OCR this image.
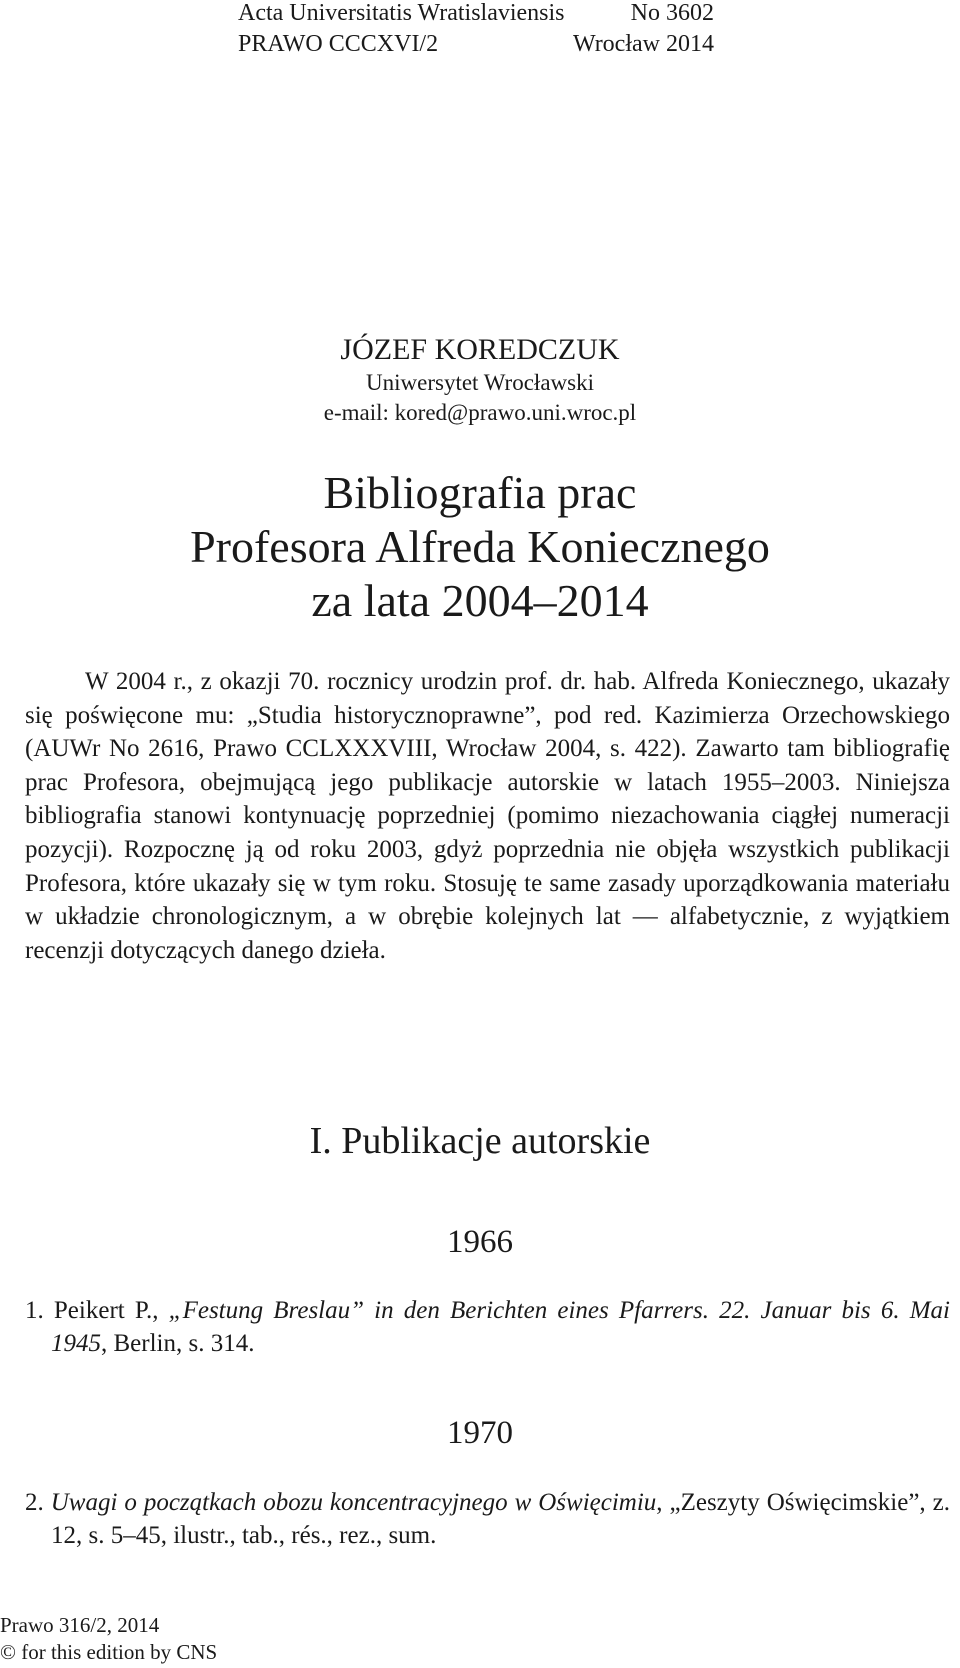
Acta Universitatis Wratislaviensis	No 3602
PRAWO CCCXVI/2	Wrocław 2014
JÓZEF KOREDCZUK
Uniwersytet Wrocławski
e-mail: kored@prawo.uni.wroc.pl
Bibliografia prac
Profesora Alfreda Koniecznego
za lata 2004–2014

W 2004 r., z okazji 70. rocznicy urodzin prof. dr. hab. Alfreda Koniecznego, ukazały się poświęcone mu: „Studia historycznoprawne”, pod red. Kazimierza Orzechowskiego (AUWr No 2616, Prawo CCLXXXVIII, Wrocław 2004, s. 422). Zawarto tam bibliografię prac Profesora, obejmującą jego publikacje autorskie w latach 1955–2003. Niniejsza bibliografia stanowi kontynuację poprzedniej (pomimo niezachowania ciągłej numeracji pozycji). Rozpocznę ją od roku 2003, gdyż poprzednia nie objęła wszystkich publikacji Profesora, które ukazały się w tym roku. Stosuję te same zasady uporządkowania materiału w układzie chronologicznym, a w obrębie kolejnych lat — alfabetycznie, z wyjątkiem recenzji dotyczących danego dzieła.

I. Publikacje autorskie
1966
1. Peikert P., „Festung Breslau” in den Berichten eines Pfarrers. 22. Januar bis 6. Mai 1945, Berlin, s. 314.
1970
2. Uwagi o początkach obozu koncentracyjnego w Oświęcimiu, „Zeszyty Oświęcimskie”, z. 12, s. 5–45, ilustr., tab., rés., rez., sum.
Prawo 316/2, 2014
© for this edition by CNS
